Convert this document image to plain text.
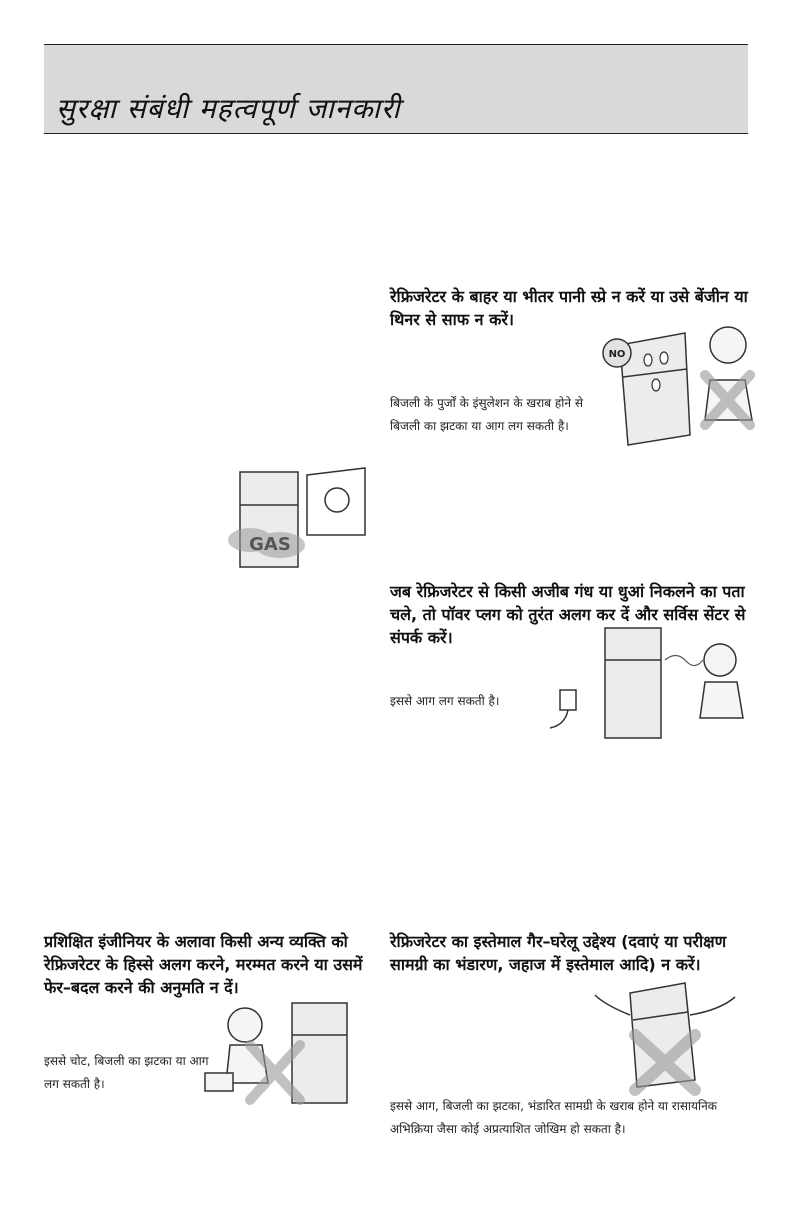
सुरक्षा संबंधी महत्वपूर्ण जानकारी

रेफ्रिजरेटर के बाहर या भीतर पानी स्प्रे न करें या उसे बेंजीन या थिनर से साफ न करें।

बिजली के पुर्जों के इंसुलेशन के खराब होने से बिजली का झटका या आग लग सकती है।

NO
GAS

जब रेफ्रिजरेटर से किसी अजीब गंध या धुआं निकलने का पता चले, तो पॉवर प्लग को तुरंत अलग कर दें और सर्विस सेंटर से संपर्क करें।

इससे आग लग सकती है।

प्रशिक्षित इंजीनियर के अलावा किसी अन्य व्यक्ति को रेफ्रिजरेटर के हिस्से अलग करने, मरम्मत करने या उसमें फेर–बदल करने की अनुमति न दें।

इससे चोट, बिजली का झटका या आग लग सकती है।

रेफ्रिजरेटर का इस्तेमाल गैर–घरेलू उद्देश्य (दवाएं या परीक्षण सामग्री का भंडारण, जहाज में इस्तेमाल आदि) न करें।

इससे आग, बिजली का झटका, भंडारित सामग्री के खराब होने या रासायनिक अभिक्रिया जैसा कोई अप्रत्याशित जोखिम हो सकता है।
